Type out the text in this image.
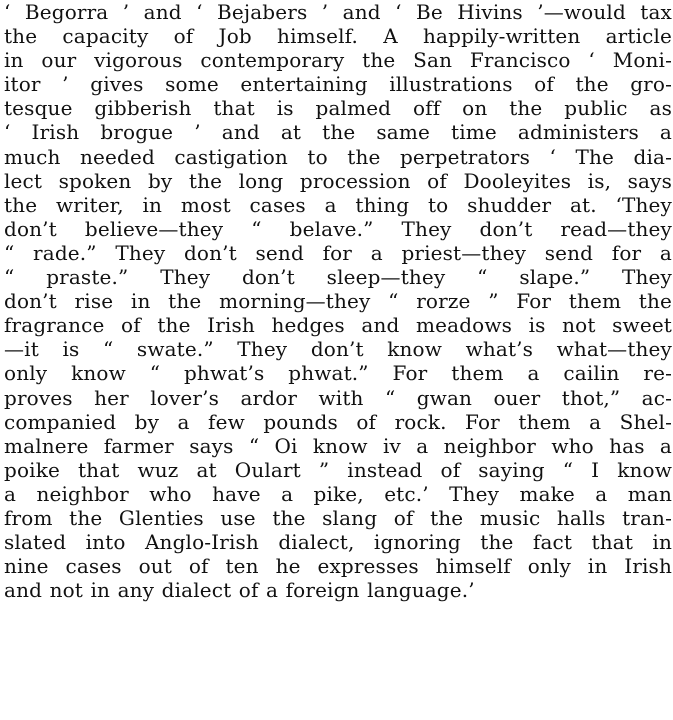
‘ Begorra ’ and ‘ Bejabers ’ and ‘ Be Hivins ’—would tax
the capacity of Job himself. A happily-written article
in our vigorous contemporary the San Francisco ‘ Moni-
itor ’ gives some entertaining illustrations of the gro-
tesque gibberish that is palmed off on the public as
‘ Irish brogue ’ and at the same time administers a
much needed castigation to the perpetrators ‘ The dia-
lect spoken by the long procession of Dooleyites is, says
the writer, in most cases a thing to shudder at. ‘They
don’t believe—they “ belave.” They don’t read—they
“ rade.” They don’t send for a priest—they send for a
“ praste.” They don’t sleep—they “ slape.” They
don’t rise in the morning—they “ rorze ” For them the
fragrance of the Irish hedges and meadows is not sweet
—it is “ swate.” They don’t know what’s what—they
only know “ phwat’s phwat.” For them a cailin re-
proves her lover’s ardor with “ gwan ouer thot,” ac-
companied by a few pounds of rock. For them a Shel-
malnere farmer says “ Oi know iv a neighbor who has a
poike that wuz at Oulart ” instead of saying “ I know
a neighbor who have a pike, etc.’ They make a man
from the Glenties use the slang of the music halls tran-
slated into Anglo-Irish dialect, ignoring the fact that in
nine cases out of ten he expresses himself only in Irish
and not in any dialect of a foreign language.’
